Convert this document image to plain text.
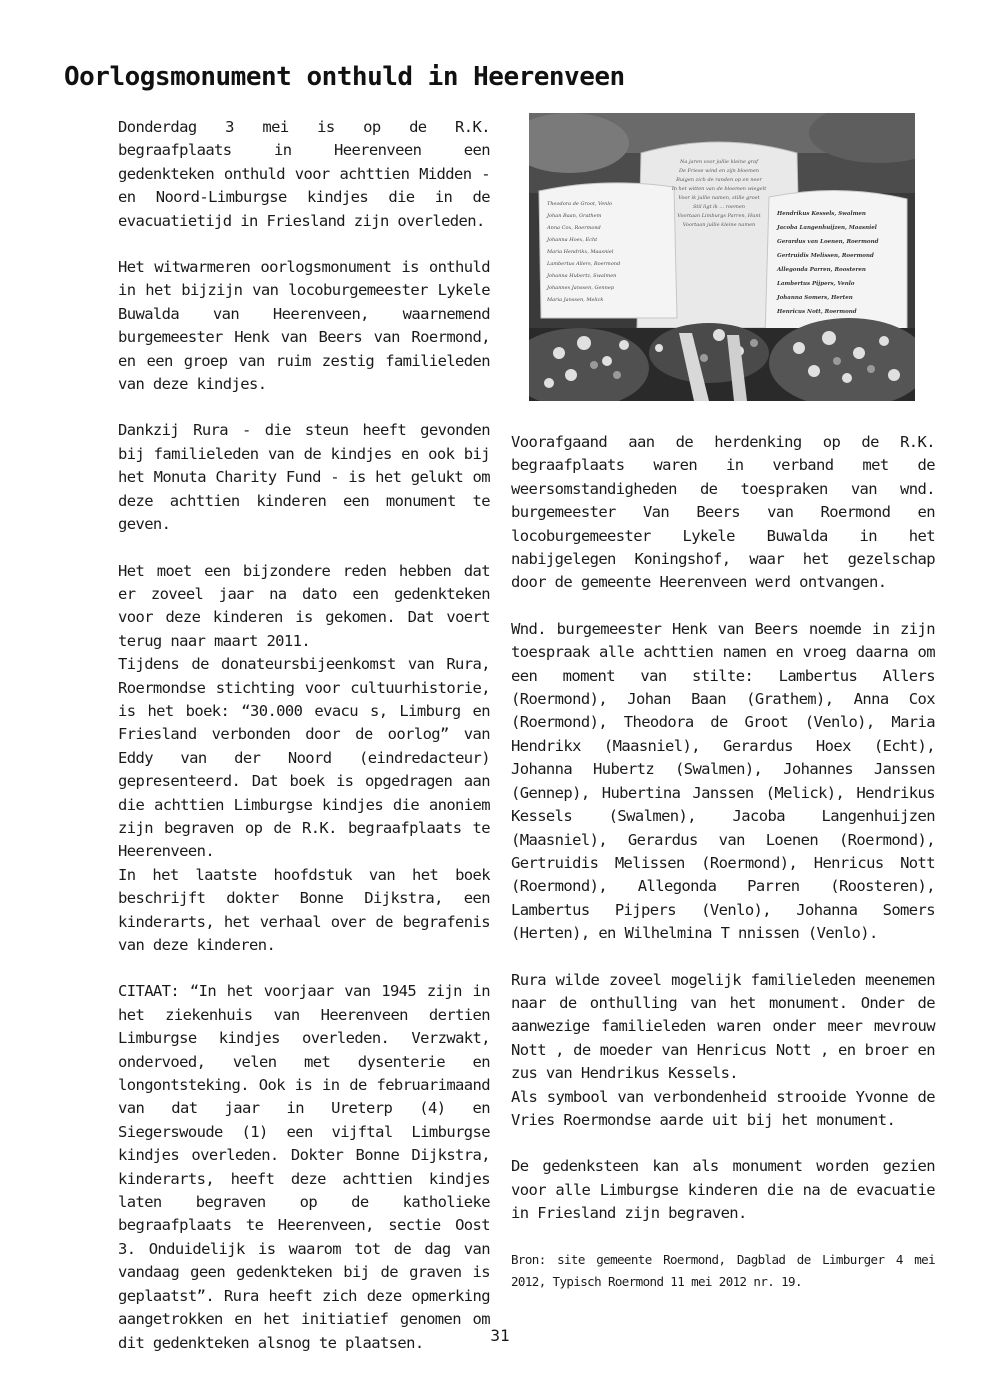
Oorlogsmonument onthuld in Heerenveen
Theodora de Groot, Venlo
Johan Baan, Grathem
Anna Cox, Roermond
Johanna Hoex, Echt
Maria Hendrikx, Maasniel
Lambertus Allers, Roermond
Johanna Hubertz, Swalmen
Johannes Janssen, Gennep
Maria Janssen, Melick
Na jaren voor jullie kleine graf
De Friese wind en zijn bloemen
Buigen zich de randen op en neer
In het witten van de bloemen wiegelt
Voor ik jullie namen, stille groet
Stil ligt ik ... roemen
Voortaan Limburgs Parren, Hunt
Voortaan jullie kleine namen
Hendrikus Kessels, Swalmen
Jacoba Langenhuijzen, Maasniel
Gerardus van Loenen, Roermond
Gertruidis Melissen, Roermond
Allegonda Parren, Roosteren
Lambertus Pijpers, Venlo
Johanna Somers, Herten
Henricus Nott, Roermond

Donderdag 3 mei is op de R.K. begraafplaats in Heerenveen een gedenkteken onthuld voor achttien Midden - en Noord-Limburgse kindjes die in de evacuatietijd in Friesland zijn overleden.

Het witwarmeren oorlogsmonument is onthuld in het bijzijn van locoburgemeester Lykele Buwalda van Heerenveen, waarnemend burgemeester Henk van Beers van Roermond, en een groep van ruim zestig familieleden van deze kindjes.

Dankzij Rura - die steun heeft gevonden bij familieleden van de kindjes en ook bij het Monuta Charity Fund - is het gelukt om deze achttien kinderen een monument te geven.

Het moet een bijzondere reden hebben dat er zoveel jaar na dato een gedenkteken voor deze kinderen is gekomen. Dat voert terug naar maart 2011.

Tijdens de donateursbijeenkomst van Rura, Roermondse stichting voor cultuurhistorie, is het boek: “30.000 evacu s, Limburg en Friesland verbonden door de oorlog” van Eddy van der Noord (eindredacteur) gepresenteerd. Dat boek is opgedragen aan die achttien Limburgse kindjes die anoniem zijn begraven op de R.K. begraafplaats te Heerenveen.

In het laatste hoofdstuk van het boek beschrijft dokter Bonne Dijkstra, een kinderarts, het verhaal over de begrafenis van deze kinderen.

CITAAT: “In het voorjaar van 1945 zijn in het ziekenhuis van Heerenveen dertien Limburgse kindjes overleden. Verzwakt, ondervoed, velen met dysenterie en longontsteking. Ook is in de februarimaand van dat jaar in Ureterp (4) en Siegerswoude (1) een vijftal Limburgse kindjes overleden. Dokter Bonne Dijkstra, kinderarts, heeft deze achttien kindjes laten begraven op de katholieke begraafplaats te Heerenveen, sectie Oost 3. Onduidelijk is waarom tot de dag van vandaag geen gedenkteken bij de graven is geplaatst”. Rura heeft zich deze opmerking aangetrokken en het initiatief genomen om dit gedenkteken alsnog te plaatsen.

Voorafgaand aan de herdenking op de R.K. begraafplaats waren in verband met de weersomstandigheden de toespraken van wnd. burgemeester Van Beers van Roermond en locoburgemeester Lykele Buwalda in het nabijgelegen Koningshof, waar het gezelschap door de gemeente Heerenveen werd ontvangen.

Wnd. burgemeester Henk van Beers noemde in zijn toespraak alle achttien namen en vroeg daarna om een moment van stilte: Lambertus Allers (Roermond), Johan Baan (Grathem), Anna Cox (Roermond), Theodora de Groot (Venlo), Maria Hendrikx (Maasniel), Gerardus Hoex (Echt), Johanna Hubertz (Swalmen), Johannes Janssen (Gennep), Hubertina Janssen (Melick), Hendrikus Kessels (Swalmen), Jacoba Langenhuijzen (Maasniel), Gerardus van Loenen (Roermond), Gertruidis Melissen (Roermond), Henricus Nott (Roermond), Allegonda Parren (Roosteren), Lambertus Pijpers (Venlo), Johanna Somers (Herten), en Wilhelmina T nnissen (Venlo).

Rura wilde zoveel mogelijk familieleden meenemen naar de onthulling van het monument. Onder de aanwezige familieleden waren onder meer mevrouw Nott , de moeder van Henricus Nott , en broer en zus van Hendrikus Kessels.

Als symbool van verbondenheid strooide Yvonne de Vries Roermondse aarde uit bij het monument.

De gedenksteen kan als monument worden gezien voor alle Limburgse kinderen die na de evacuatie in Friesland zijn begraven.

Bron: site gemeente Roermond, Dagblad de Limburger 4 mei 2012, Typisch Roermond 11 mei 2012 nr. 19.

31
